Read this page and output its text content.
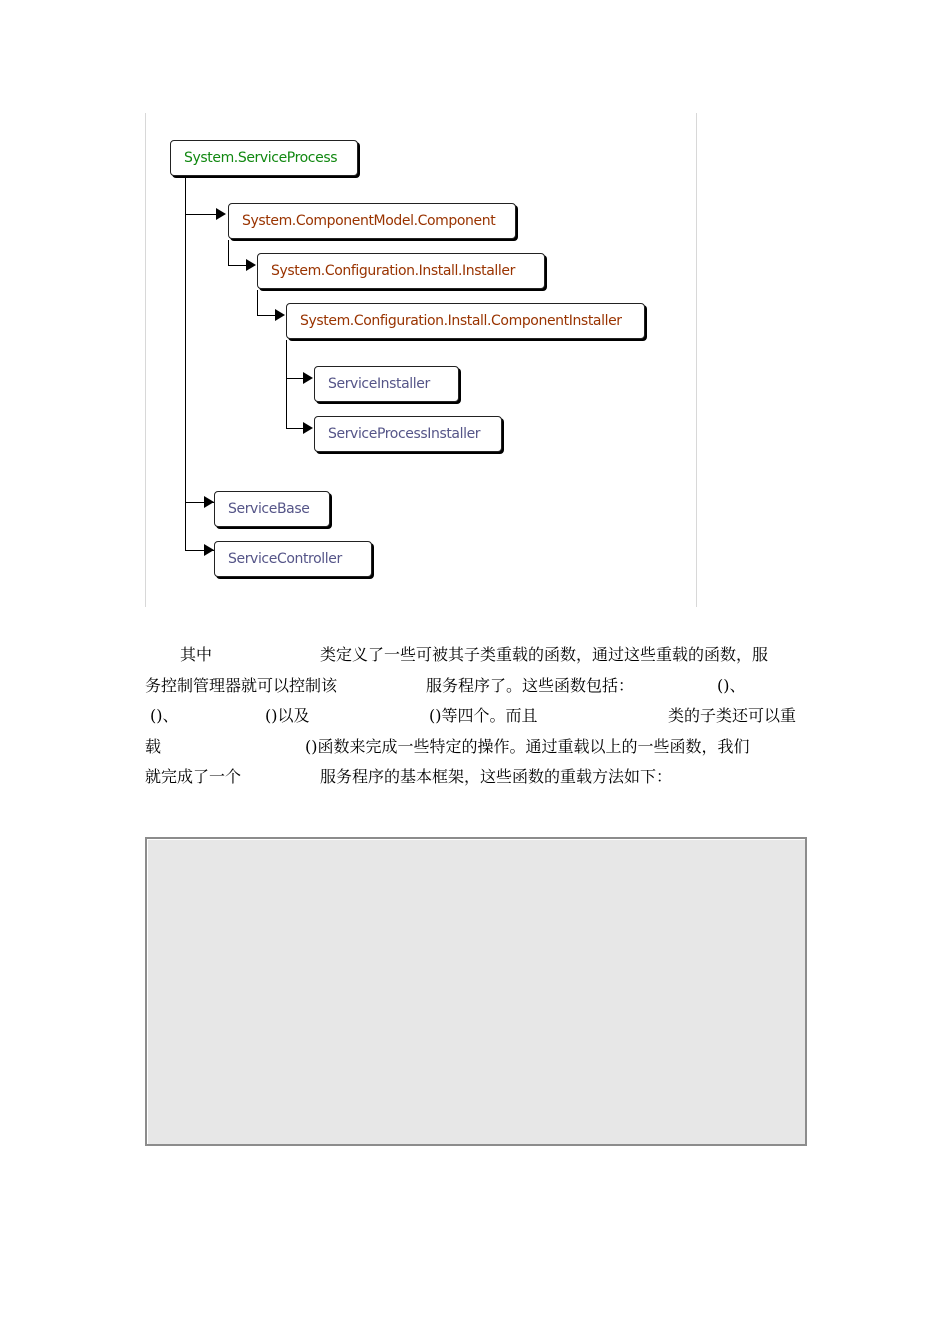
System.ServiceProcess
System.ComponentModel.Component
System.Configuration.Install.Installer
System.Configuration.Install.ComponentInstaller
ServiceInstaller
ServiceProcessInstaller
ServiceBase
ServiceController
其中	类定义了一些可被其子类重载的函数，通过这些重载的函数，服
务控制管理器就可以控制该	服务程序了。这些函数包括：	()、
()、	()以及	()等四个。而且	类的子类还可以重
载	()函数来完成一些特定的操作。通过重载以上的一些函数，我们
就完成了一个	服务程序的基本框架，这些函数的重载方法如下：
